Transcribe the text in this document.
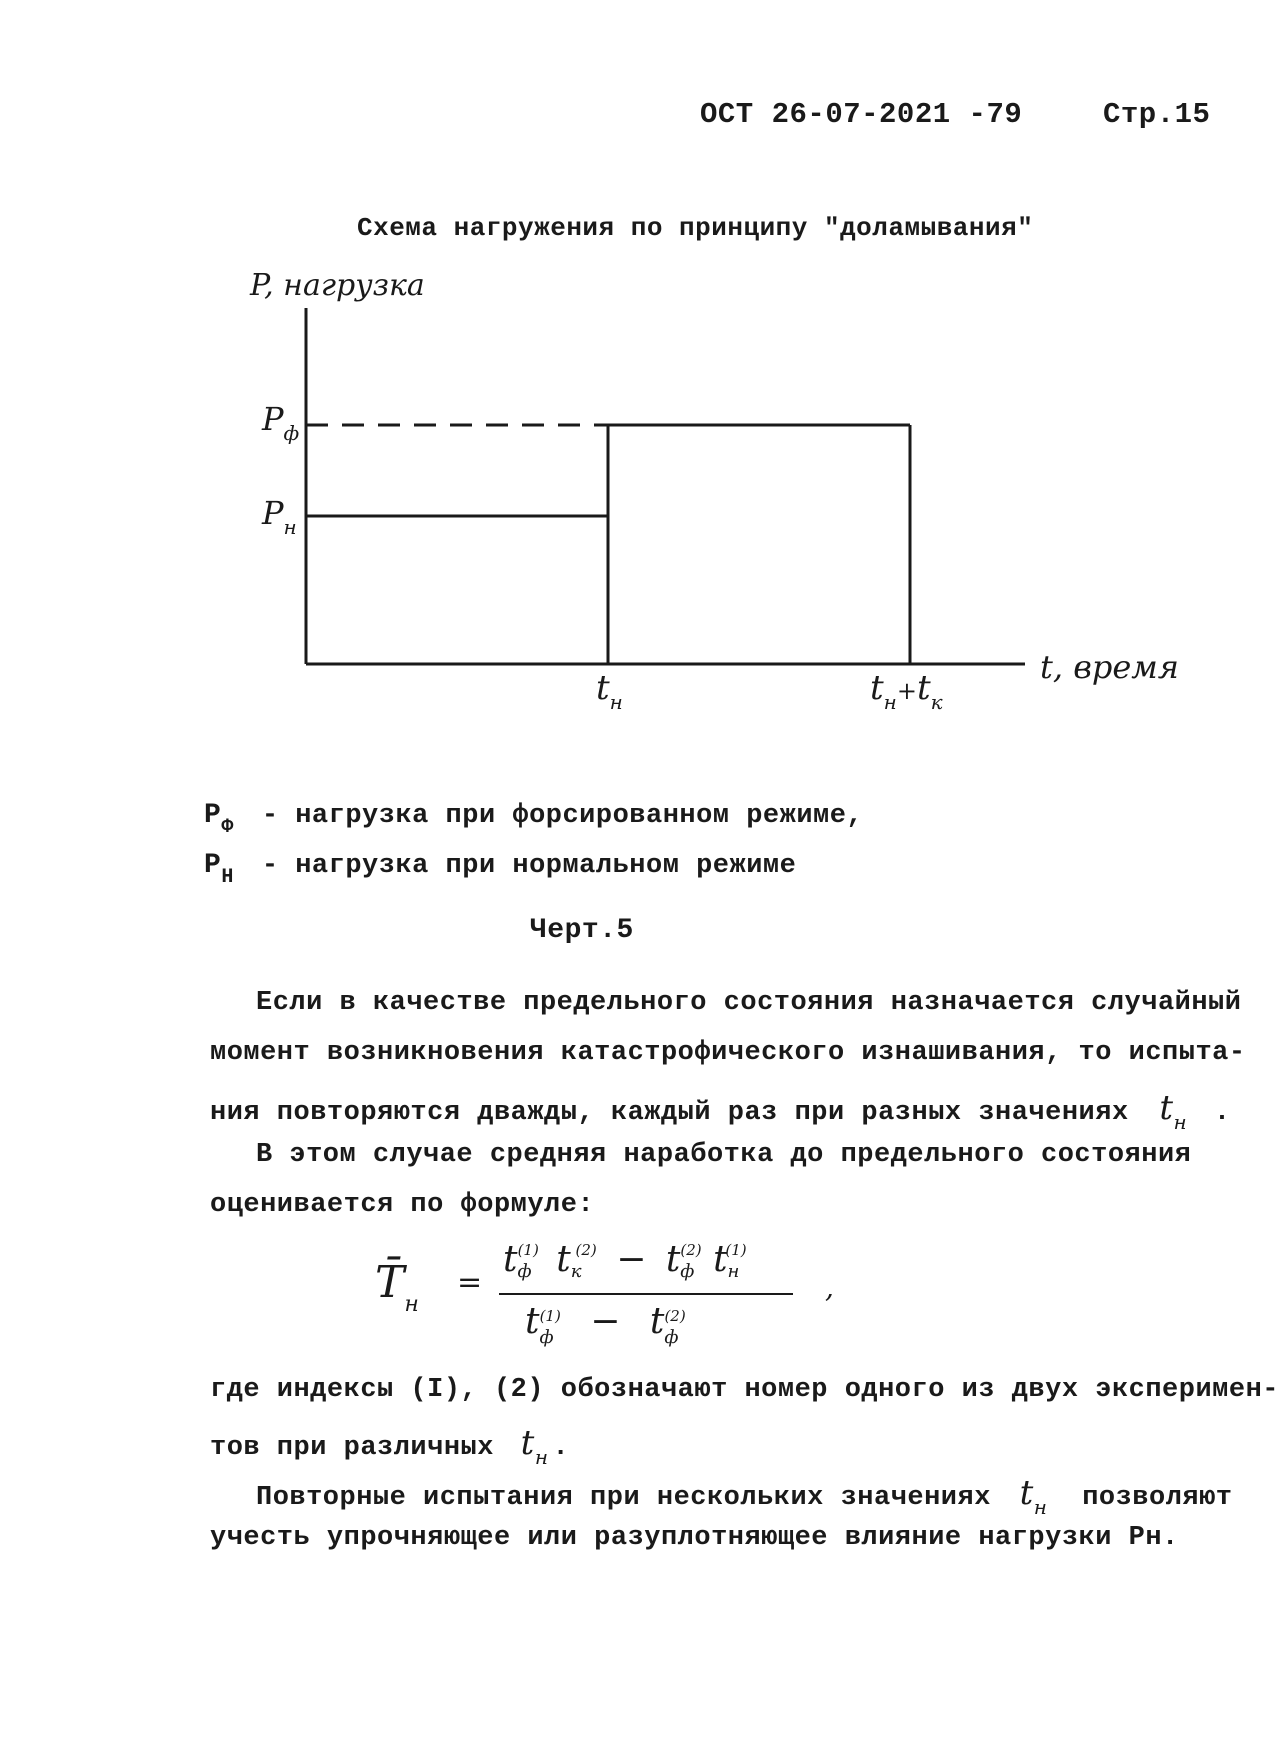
ОСТ 26-07-2021 -79	Стр.15
Схема нагружения по принципу "доламывания"
P, нагрузка
t, время
$P_ф$
$P_н$
$t_н$	$t_н+t_к$
$P_Ф$ - нагрузка при форсированном режиме,
$P_Н$ - нагрузка при нормальном режиме
Черт.5
Если в качестве предельного состояния назначается случайный
момент возникновения катастрофического изнашивания, то испыта-
ния повторяются дважды, каждый раз при разных значениях $t_н$ .
В этом случае средняя наработка до предельного состояния
оценивается по формуле:
$T̄_н$
=
$tф^{(1)}$ $tк^{(2)} - tф^{(2)}$ $tн^{(1)}$
$t_ф^{(1)} - t_ф^{(2)}$
,
где индексы (I), (2) обозначают номер одного из двух эксперимен-
тов при различных $t_н$ .
Повторные испытания при нескольких значениях $t_н$ позволяют
учесть упрочняющее или разуплотняющее влияние нагрузки Рн.
